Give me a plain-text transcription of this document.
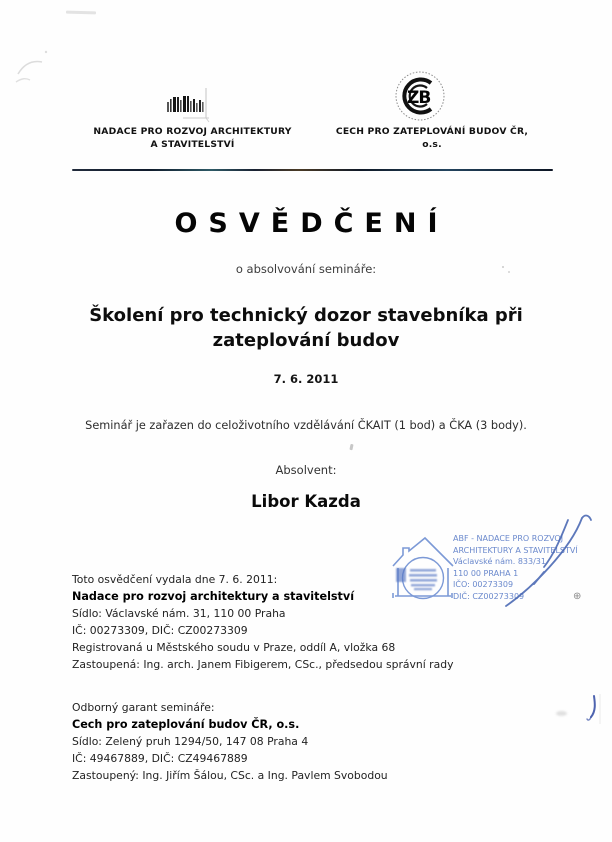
ZB
NADACE PRO ROZVOJ ARCHITEKTURY
A STAVITELSTVÍ
CECH PRO ZATEPLOVÁNÍ BUDOV ČR,
o.s.
OSVĚDČENÍ
o absolvování semináře:
Školení pro technický dozor stavebníka při
zateplování budov
7. 6. 2011
Seminář je zařazen do celoživotního vzdělávání ČKAIT (1 bod) a ČKA (3 body).
Absolvent:
Libor Kazda
ABF - NADACE PRO ROZVOJ
ARCHITEKTURY A STAVITELSTVÍ
Václavské nám. 833/31
110 00 PRAHA 1
IČO: 00273309
DIČ: CZ00273309	⊕
Toto osvědčení vydala dne 7. 6. 2011:
Nadace pro rozvoj architektury a stavitelství
Sídlo: Václavské nám. 31, 110 00 Praha
IČ: 00273309, DIČ: CZ00273309
Registrovaná u Městského soudu v Praze, oddíl A, vložka 68
Zastoupená: Ing. arch. Janem Fibigerem, CSc., předsedou správní rady
Odborný garant semináře:
Cech pro zateplování budov ČR, o.s.
Sídlo: Zelený pruh 1294/50, 147 08 Praha 4
IČ: 49467889, DIČ: CZ49467889
Zastoupený: Ing. Jiřím Šálou, CSc. a Ing. Pavlem Svobodou
